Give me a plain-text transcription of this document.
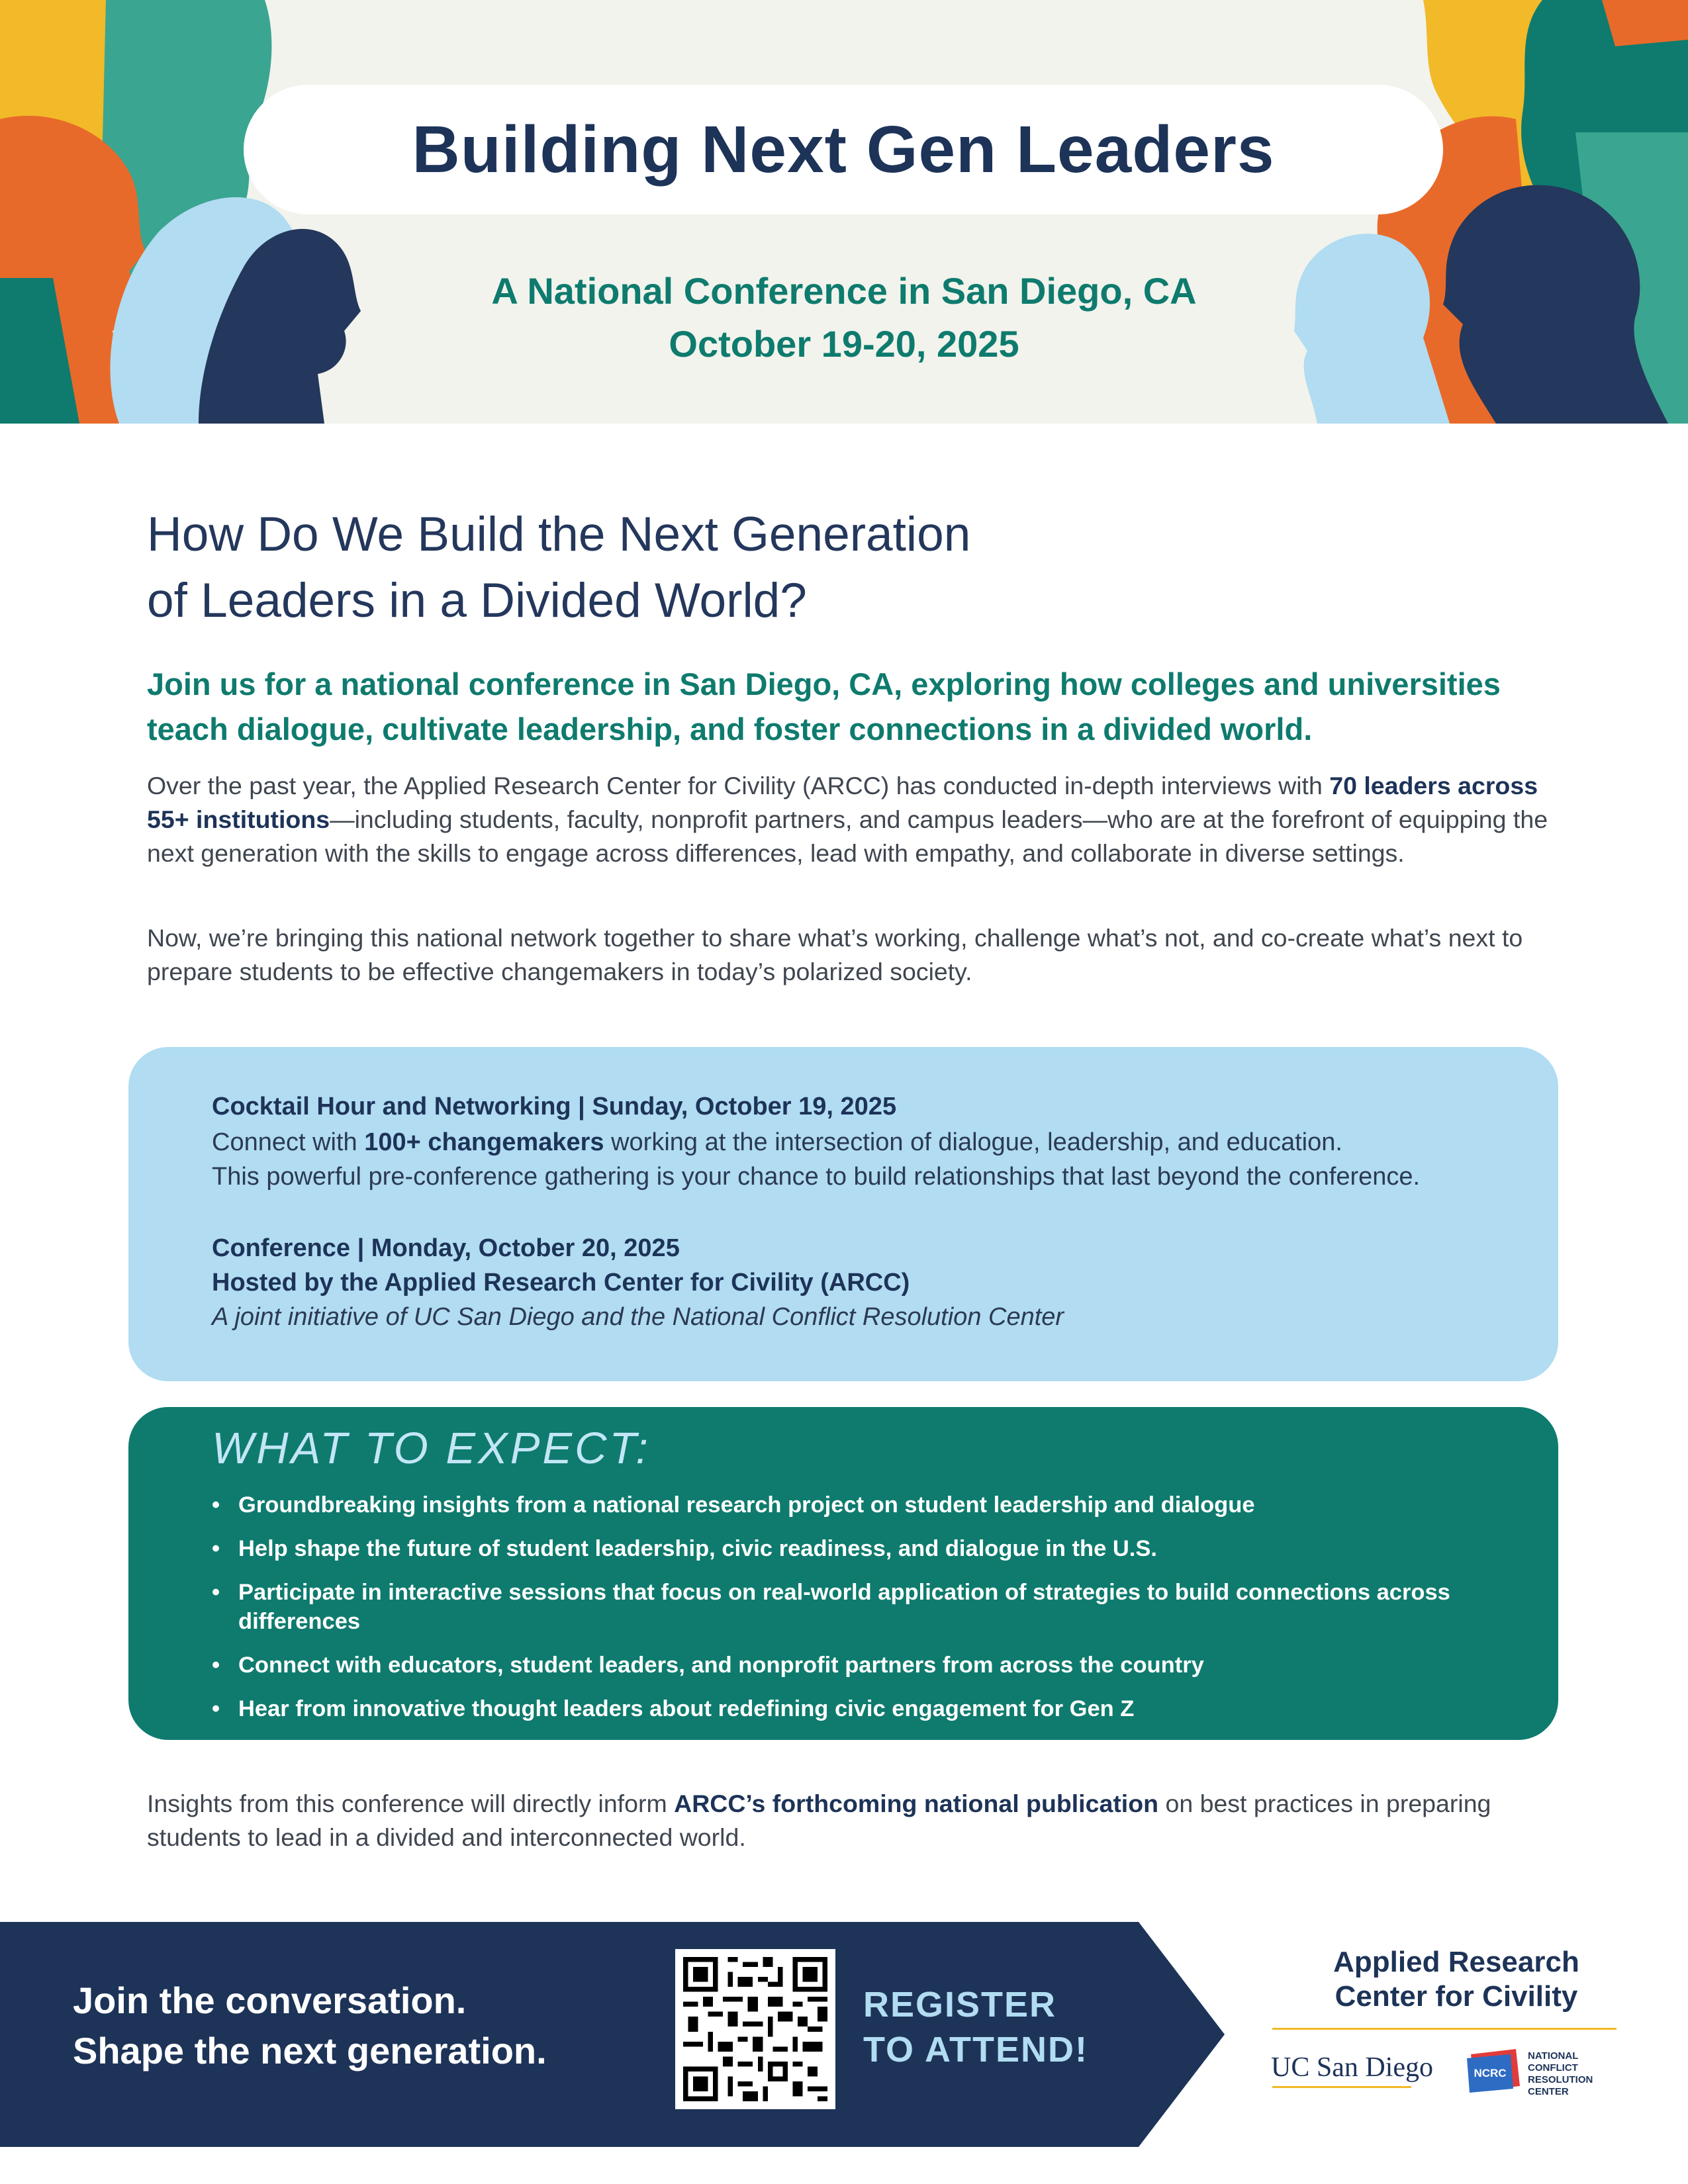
Building Next Gen Leaders
A National Conference in San Diego, CA
October 19-20, 2025
How Do We Build the Next Generation
of Leaders in a Divided World?
Join us for a national conference in San Diego, CA, exploring how colleges and universities
teach dialogue, cultivate leadership, and foster connections in a divided world.
Over the past year, the Applied Research Center for Civility (ARCC) has conducted in-depth interviews with 70 leaders across 55+ institutions—including students, faculty, nonprofit partners, and campus leaders—who are at the forefront of equipping the next generation with the skills to engage across differences, lead with empathy, and collaborate in diverse settings.
Now, we’re bringing this national network together to share what’s working, challenge what’s not, and co-create what’s next to prepare students to be effective changemakers in today’s polarized society.
Cocktail Hour and Networking | Sunday, October 19, 2025
Connect with 100+ changemakers working at the intersection of dialogue, leadership, and education.
This powerful pre-conference gathering is your chance to build relationships that last beyond the conference.
Conference | Monday, October 20, 2025
Hosted by the Applied Research Center for Civility (ARCC)
A joint initiative of UC San Diego and the National Conflict Resolution Center
WHAT TO EXPECT:
• Groundbreaking insights from a national research project on student leadership and dialogue
• Help shape the future of student leadership, civic readiness, and dialogue in the U.S.
• Participate in interactive sessions that focus on real-world application of strategies to build connections across differences
• Connect with educators, student leaders, and nonprofit partners from across the country
• Hear from innovative thought leaders about redefining civic engagement for Gen Z
Insights from this conference will directly inform ARCC’s forthcoming national publication on best practices in preparing students to lead in a divided and interconnected world.
Join the conversation.
Shape the next generation.
REGISTER
TO ATTEND!
Applied Research
Center for Civility
UC San Diego	NCRC
NATIONAL
CONFLICT
RESOLUTION
CENTER
